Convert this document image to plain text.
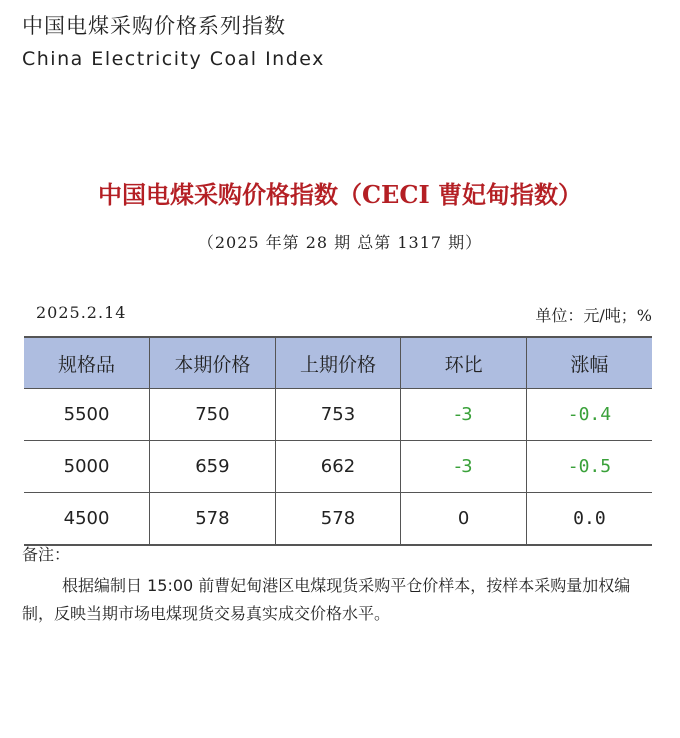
中国电煤采购价格系列指数
China Electricity Coal Index
中国电煤采购价格指数（CECI 曹妃甸指数）
（2025 年第 28 期 总第 1317 期）
2025.2.14	单位：元/吨；%
规格品	本期价格	上期价格	环比	涨幅
5500	750	753	-3	-0.4
5000	659	662	-3	-0.5
4500	578	578	0	0.0
备注：
根据编制日 15:00 前曹妃甸港区电煤现货采购平仓价样本，按样本采购量加权编制，反映当期市场电煤现货交易真实成交价格水平。
